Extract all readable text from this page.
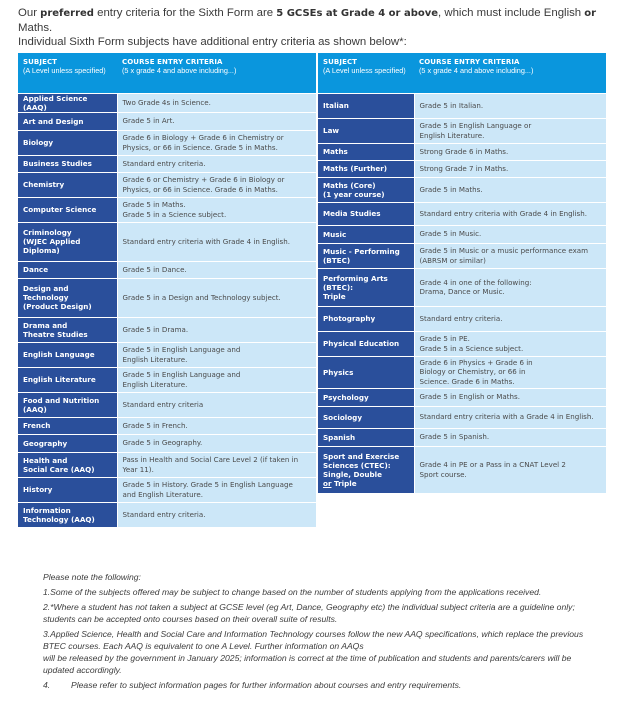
Our preferred entry criteria for the Sixth Form are 5 GCSEs at Grade 4 or above, which must include English or Maths.
Individual Sixth Form subjects have additional entry criteria as shown below*:
SUBJECT
(A Level unless specified)	COURSE ENTRY CRITERIA
(5 x grade 4 and above including...)

Applied Science (AAQ)	Two Grade 4s in Science.

Art and Design	Grade 5 in Art.

Biology	Grade 6 in Biology + Grade 6 in Chemistry or
Physics, or 66 in Science. Grade 5 in Maths.

Business Studies	Standard entry criteria.

Chemistry	Grade 6 or Chemistry + Grade 6 in Biology or
Physics, or 66 in Science. Grade 6 in Maths.

Computer Science	Grade 5 in Maths.
Grade 5 in a Science subject.

Criminology
(WJEC Applied
Diploma)	Standard entry criteria with Grade 4 in English.

Dance	Grade 5 in Dance.

Design and
Technology
(Product Design)	Grade 5 in a Design and Technology subject.

Drama and
Theatre Studies	Grade 5 in Drama.

English Language	Grade 5 in English Language and
English Literature.

English Literature	Grade 5 in English Language and
English Literature.

Food and Nutrition
(AAQ)	Standard entry criteria

French	Grade 5 in French.

Geography	Grade 5 in Geography.

Health and
Social Care (AAQ)	Pass in Health and Social Care Level 2 (if taken in
Year 11).

History	Grade 5 in History. Grade 5 in English Language
and English Literature.

Information
Technology (AAQ)	Standard entry criteria.
SUBJECT
(A Level unless specified)	COURSE ENTRY CRITERIA
(5 x grade 4 and above including...)

Italian	Grade 5 in Italian.

Law	Grade 5 in English Language or
English Literature.

Maths	Strong Grade 6 in Maths.

Maths (Further)	Strong Grade 7 in Maths.

Maths (Core)
(1 year course)	Grade 5 in Maths.

Media Studies	Standard entry criteria with Grade 4 in English.

Music	Grade 5 in Music.

Music - Performing
(BTEC)	Grade 5 in Music or a music performance exam
(ABRSM or similar)

Performing Arts
(BTEC):
Triple	Grade 4 in one of the following:
Drama, Dance or Music.

Photography	Standard entry criteria.

Physical Education	Grade 5 in PE.
Grade 5 in a Science subject.

Physics	Grade 6 in Physics + Grade 6 in
Biology or Chemistry, or 66 in
Science. Grade 6 in Maths.

Psychology	Grade 5 in English or Maths.

Sociology	Standard entry criteria with a Grade 4 in English.

Spanish	Grade 5 in Spanish.

Sport and Exercise
Sciences (CTEC):
Single, Double
or Triple	Grade 4 in PE or a Pass in a CNAT Level 2
Sport course.

Please note the following:

1.Some of the subjects offered may be subject to change based on the number of students applying from the applications received.

2.*Where a student has not taken a subject at GCSE level (eg Art, Dance, Geography etc) the individual subject criteria are a guideline only; students can be accepted onto courses based on their overall suite of results.

3.Applied Science, Health and Social Care and Information Technology courses follow the new AAQ specifications, which replace the previous BTEC courses. Each AAQ is equivalent to one A Level. Further information on AAQs

will be released by the government in January 2025; information is correct at the time of publication and students and parents/carers will be updated accordingly.

4.	Please refer to subject information pages for further information about courses and entry requirements.
